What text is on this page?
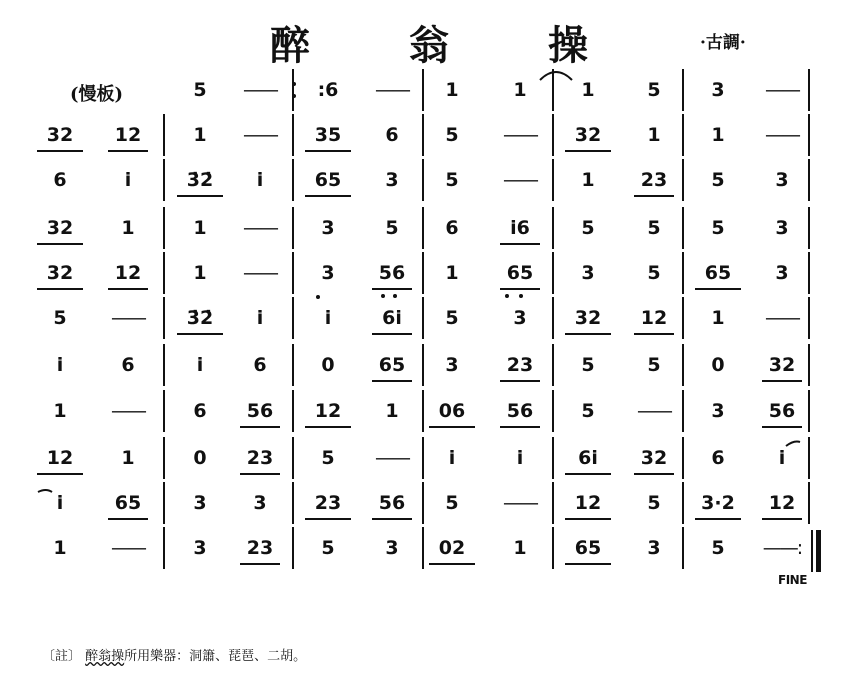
醉 翁 操	·古調·
(慢板)	5	——	:6	——	1	1	1	5	3	——
32	12	1	——	35	6	5	——	32	1	1	——
6	i	3̇2̇	i	65	3	5	——	1	23	5	3
32	1	1	——	3	5	6	i6	5	5	5	3
32	12	1	——	3	56	1	65	3	5	65	3
5	——	3̇2̇	i	i	6i	5	3	32	12	1	——
i	6	i	6	0	65	3	23	5	5	0	32
1	——	6	56	12	1	06	56	5	——	3	56
12	1	0	23	5	——	i	i	6i	32	6	i
i	65	3	3	23	56	5	——	12	5	3·2	12
1	——	3	23	5	3	02	1	65	3	5	——:
FINE
〔註〕 醉翁操所用樂器：洞簫、琵琶、二胡。
